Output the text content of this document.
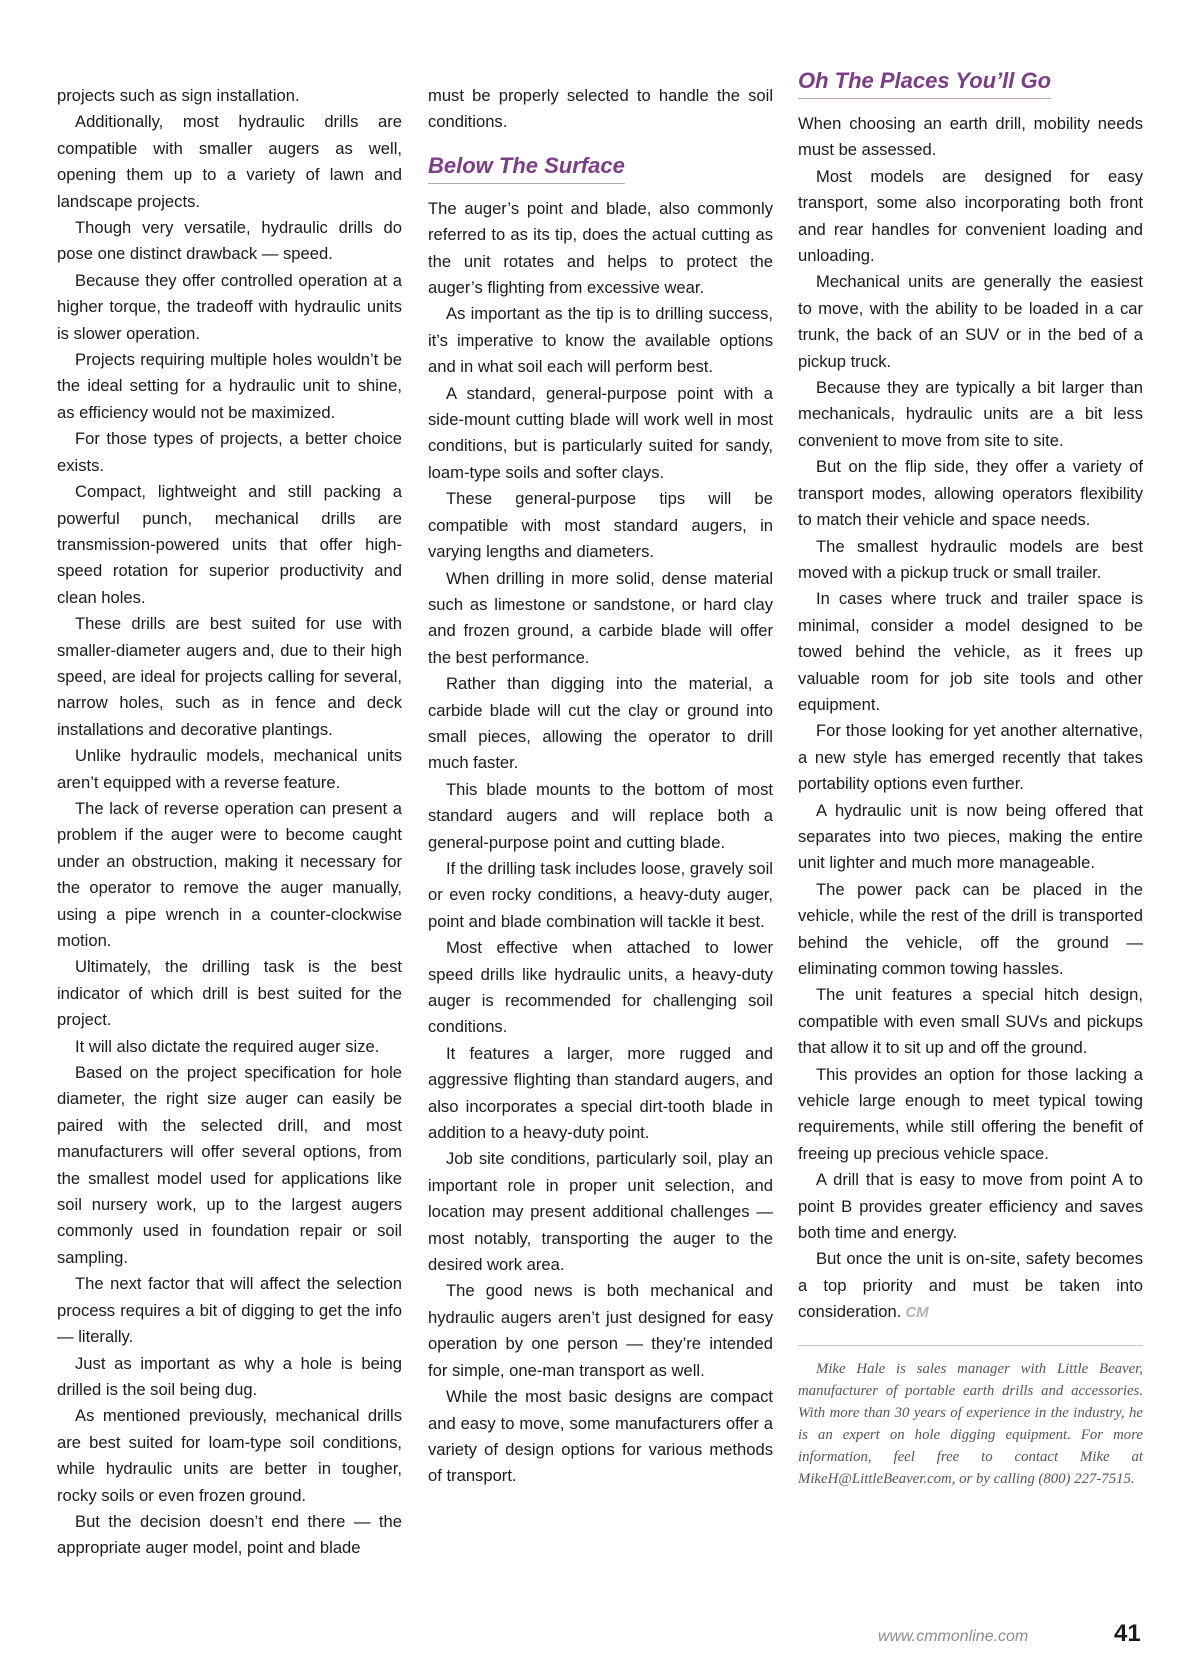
projects such as sign installation.

Additionally, most hydraulic drills are compatible with smaller augers as well, opening them up to a variety of lawn and landscape projects.

Though very versatile, hydraulic drills do pose one distinct drawback — speed.

Because they offer controlled operation at a higher torque, the tradeoff with hydraulic units is slower operation.

Projects requiring multiple holes wouldn’t be the ideal setting for a hydraulic unit to shine, as efficiency would not be maximized.

For those types of projects, a better choice exists.

Compact, lightweight and still packing a powerful punch, mechanical drills are transmission-powered units that offer high-speed rotation for superior productivity and clean holes.

These drills are best suited for use with smaller-diameter augers and, due to their high speed, are ideal for projects calling for several, narrow holes, such as in fence and deck installations and decorative plantings.

Unlike hydraulic models, mechanical units aren’t equipped with a reverse feature.

The lack of reverse operation can present a problem if the auger were to become caught under an obstruction, making it necessary for the operator to remove the auger manually, using a pipe wrench in a counter-clockwise motion.

Ultimately, the drilling task is the best indicator of which drill is best suited for the project.

It will also dictate the required auger size.

Based on the project specification for hole diameter, the right size auger can easily be paired with the selected drill, and most manufacturers will offer several options, from the smallest model used for applications like soil nursery work, up to the largest augers commonly used in foundation repair or soil sampling.

The next factor that will affect the selection process requires a bit of digging to get the info — literally.

Just as important as why a hole is being drilled is the soil being dug.

As mentioned previously, mechanical drills are best suited for loam-type soil conditions, while hydraulic units are better in tougher, rocky soils or even frozen ground.

But the decision doesn’t end there — the appropriate auger model, point and blade

must be properly selected to handle the soil conditions.

Below The Surface

The auger’s point and blade, also commonly referred to as its tip, does the actual cutting as the unit rotates and helps to protect the auger’s flighting from excessive wear.

As important as the tip is to drilling success, it’s imperative to know the available options and in what soil each will perform best.

A standard, general-purpose point with a side-mount cutting blade will work well in most conditions, but is particularly suited for sandy, loam-type soils and softer clays.

These general-purpose tips will be compatible with most standard augers, in varying lengths and diameters.

When drilling in more solid, dense material such as limestone or sandstone, or hard clay and frozen ground, a carbide blade will offer the best performance.

Rather than digging into the material, a carbide blade will cut the clay or ground into small pieces, allowing the operator to drill much faster.

This blade mounts to the bottom of most standard augers and will replace both a general-purpose point and cutting blade.

If the drilling task includes loose, gravely soil or even rocky conditions, a heavy-duty auger, point and blade combination will tackle it best.

Most effective when attached to lower speed drills like hydraulic units, a heavy-duty auger is recommended for challenging soil conditions.

It features a larger, more rugged and aggressive flighting than standard augers, and also incorporates a special dirt-tooth blade in addition to a heavy-duty point.

Job site conditions, particularly soil, play an important role in proper unit selection, and location may present additional challenges — most notably, transporting the auger to the desired work area.

The good news is both mechanical and hydraulic augers aren’t just designed for easy operation by one person — they’re intended for simple, one-man transport as well.

While the most basic designs are compact and easy to move, some manufacturers offer a variety of design options for various methods of transport.

Oh The Places You’ll Go

When choosing an earth drill, mobility needs must be assessed.

Most models are designed for easy transport, some also incorporating both front and rear handles for convenient loading and unloading.

Mechanical units are generally the easiest to move, with the ability to be loaded in a car trunk, the back of an SUV or in the bed of a pickup truck.

Because they are typically a bit larger than mechanicals, hydraulic units are a bit less convenient to move from site to site.

But on the flip side, they offer a variety of transport modes, allowing operators flexibility to match their vehicle and space needs.

The smallest hydraulic models are best moved with a pickup truck or small trailer.

In cases where truck and trailer space is minimal, consider a model designed to be towed behind the vehicle, as it frees up valuable room for job site tools and other equipment.

For those looking for yet another alternative, a new style has emerged recently that takes portability options even further.

A hydraulic unit is now being offered that separates into two pieces, making the entire unit lighter and much more manageable.

The power pack can be placed in the vehicle, while the rest of the drill is transported behind the vehicle, off the ground — eliminating common towing hassles.

The unit features a special hitch design, compatible with even small SUVs and pickups that allow it to sit up and off the ground.

This provides an option for those lacking a vehicle large enough to meet typical towing requirements, while still offering the benefit of freeing up precious vehicle space.

A drill that is easy to move from point A to point B provides greater efficiency and saves both time and energy.

But once the unit is on-site, safety becomes a top priority and must be taken into consideration. CM

Mike Hale is sales manager with Little Beaver, manufacturer of portable earth drills and accessories. With more than 30 years of experience in the industry, he is an expert on hole digging equipment. For more information, feel free to contact Mike at MikeH@LittleBeaver.com, or by calling (800) 227-7515.

www.cmmonline.com	41
